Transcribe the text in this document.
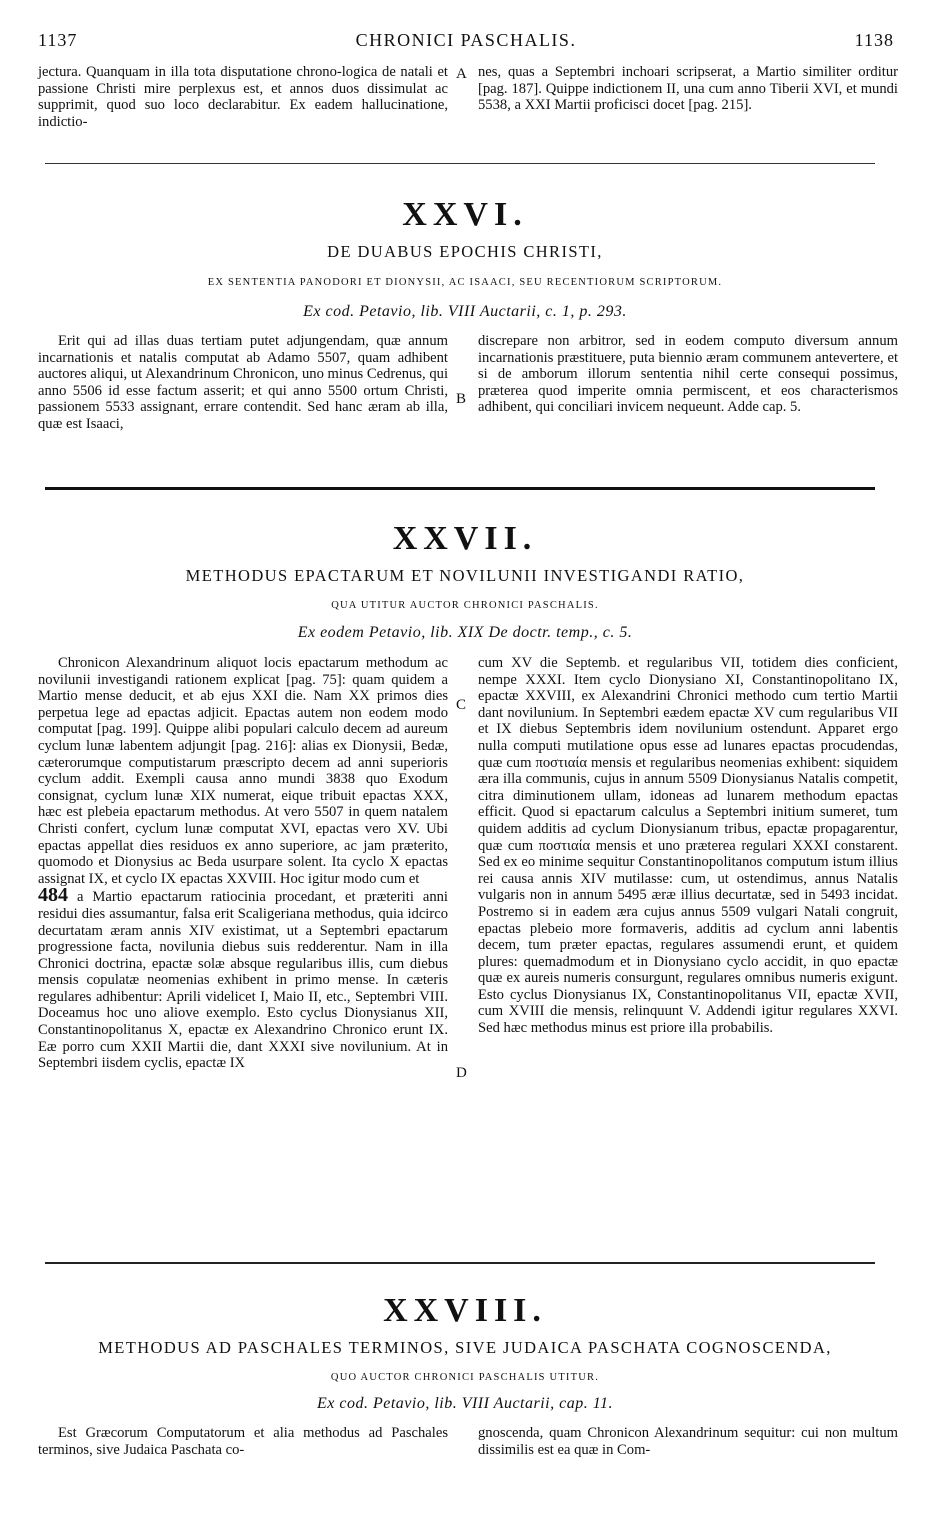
1137	CHRONICI PASCHALIS.	1138

jectura. Quanquam in illa tota disputatione chrono-logica de natali et passione Christi mire perplexus est, et annos duos dissimulat ac supprimit, quod suo loco declarabitur. Ex eadem hallucinatione, indictio-

A nes, quas a Septembri inchoari scripserat, a Martio similiter orditur [pag. 187]. Quippe indictionem II, una cum anno Tiberii XVI, et mundi 5538, a XXI Martii proficisci docet [pag. 215].

XXVI.
DE DUABUS EPOCHIS CHRISTI,
EX SENTENTIA PANODORI ET DIONYSII, AC ISAACI, SEU RECENTIORUM SCRIPTORUM.
Ex cod. Petavio, lib. VIII Auctarii, c. 1, p. 293.

Erit qui ad illas duas tertiam putet adjungendam, quæ annum incarnationis et natalis computat ab Adamo 5507, quam adhibent auctores aliqui, ut Alexandrinum Chronicon, uno minus Cedrenus, qui anno 5506 id esse factum asserit; et qui anno 5500 ortum Christi, passionem 5533 assignant, errare contendit. Sed hanc æram ab illa, quæ est Isaaci,

B

discrepare non arbitror, sed in eodem computo diversum annum incarnationis præstituere, puta biennio æram communem antevertere, et si de amborum illorum sententia nihil certe consequi possimus, præterea quod imperite omnia permiscent, et eos characterismos adhibent, qui conciliari invicem nequeunt. Adde cap. 5.

XXVII.
METHODUS EPACTARUM ET NOVILUNII INVESTIGANDI RATIO,
QUA UTITUR AUCTOR CHRONICI PASCHALIS.
Ex eodem Petavio, lib. XIX De doctr. temp., c. 5.

Chronicon Alexandrinum aliquot locis epactarum methodum ac novilunii investigandi rationem explicat [pag. 75]: quam quidem a Martio mense deducit, et ab ejus XXI die. Nam XX primos dies perpetua lege ad epactas adjicit. Epactas autem non eodem modo computat [pag. 199]. Quippe alibi populari calculo decem ad aureum cyclum lunæ labentem adjungit [pag. 216]: alias ex Dionysii, Bedæ, cæterorumque computistarum præscripto decem ad anni superioris cyclum addit. Exempli causa anno mundi 3838 quo Exodum consignat, cyclum lunæ XIX numerat, eique tribuit epactas XXX, hæc est plebeia epactarum methodus. At vero 5507 in quem natalem Christi confert, cyclum lunæ computat XVI, epactas vero XV. Ubi epactas appellat dies residuos ex anno superiore, ac jam præterito, quomodo et Dionysius ac Beda usurpare solent. Ita cyclo X epactas assignat IX, et cyclo IX epactas XXVIII. Hoc igitur modo cum et

484 a Martio epactarum ratiocinia procedant, et præteriti anni residui dies assumantur, falsa erit Scaligeriana methodus, quia idcirco decurtatam æram annis XIV existimat, ut a Septembri epactarum progressione facta, novilunia diebus suis redderentur. Nam in illa Chronici doctrina, epactæ solæ absque regularibus illis, cum diebus mensis copulatæ neomenias exhibent in primo mense. In cæteris regulares adhibentur: Aprili videlicet I, Maio II, etc., Septembri VIII. Doceamus hoc uno aliove exemplo. Esto cyclus Dionysianus XII, Constantinopolitanus X, epactæ ex Alexandrino Chronico erunt IX. Eæ porro cum XXII Martii die, dant XXXI sive novilunium. At in Septembri iisdem cyclis, epactæ IX

C
D

cum XV die Septemb. et regularibus VII, totidem dies conficient, nempe XXXI. Item cyclo Dionysiano XI, Constantinopolitano IX, epactæ XXVIII, ex Alexandrini Chronici methodo cum tertio Martii dant novilunium. In Septembri eædem epactæ XV cum regularibus VII et IX diebus Septembris idem novilunium ostendunt. Apparet ergo nulla computi mutilatione opus esse ad lunares epactas procudendas, quæ cum ποστιαία mensis et regularibus neomenias exhibent: siquidem æra illa communis, cujus in annum 5509 Dionysianus Natalis competit, citra diminutionem ullam, idoneas ad lunarem methodum epactas efficit. Quod si epactarum calculus a Septembri initium sumeret, tum quidem additis ad cyclum Dionysianum tribus, epactæ propagarentur, quæ cum ποστιαία mensis et uno præterea regulari XXXI constarent. Sed ex eo minime sequitur Constantinopolitanos computum istum illius rei causa annis XIV mutilasse: cum, ut ostendimus, annus Natalis vulgaris non in annum 5495 æræ illius decurtatæ, sed in 5493 incidat. Postremo si in eadem æra cujus annus 5509 vulgari Natali congruit, epactas plebeio more formaveris, additis ad cyclum anni labentis decem, tum præter epactas, regulares assumendi erunt, et quidem plures: quemadmodum et in Dionysiano cyclo accidit, in quo epactæ quæ ex aureis numeris consurgunt, regulares omnibus numeris exigunt. Esto cyclus Dionysianus IX, Constantinopolitanus VII, epactæ XVII, cum XVIII die mensis, relinquunt V. Addendi igitur regulares XXVI. Sed hæc methodus minus est priore illa probabilis.

XXVIII.
METHODUS AD PASCHALES TERMINOS, SIVE JUDAICA PASCHATA COGNOSCENDA,
QUO AUCTOR CHRONICI PASCHALIS UTITUR.
Ex cod. Petavio, lib. VIII Auctarii, cap. 11.

Est Græcorum Computatorum et alia methodus ad Paschales terminos, sive Judaica Paschata co-

gnoscenda, quam Chronicon Alexandrinum sequitur: cui non multum dissimilis est ea quæ in Com-
